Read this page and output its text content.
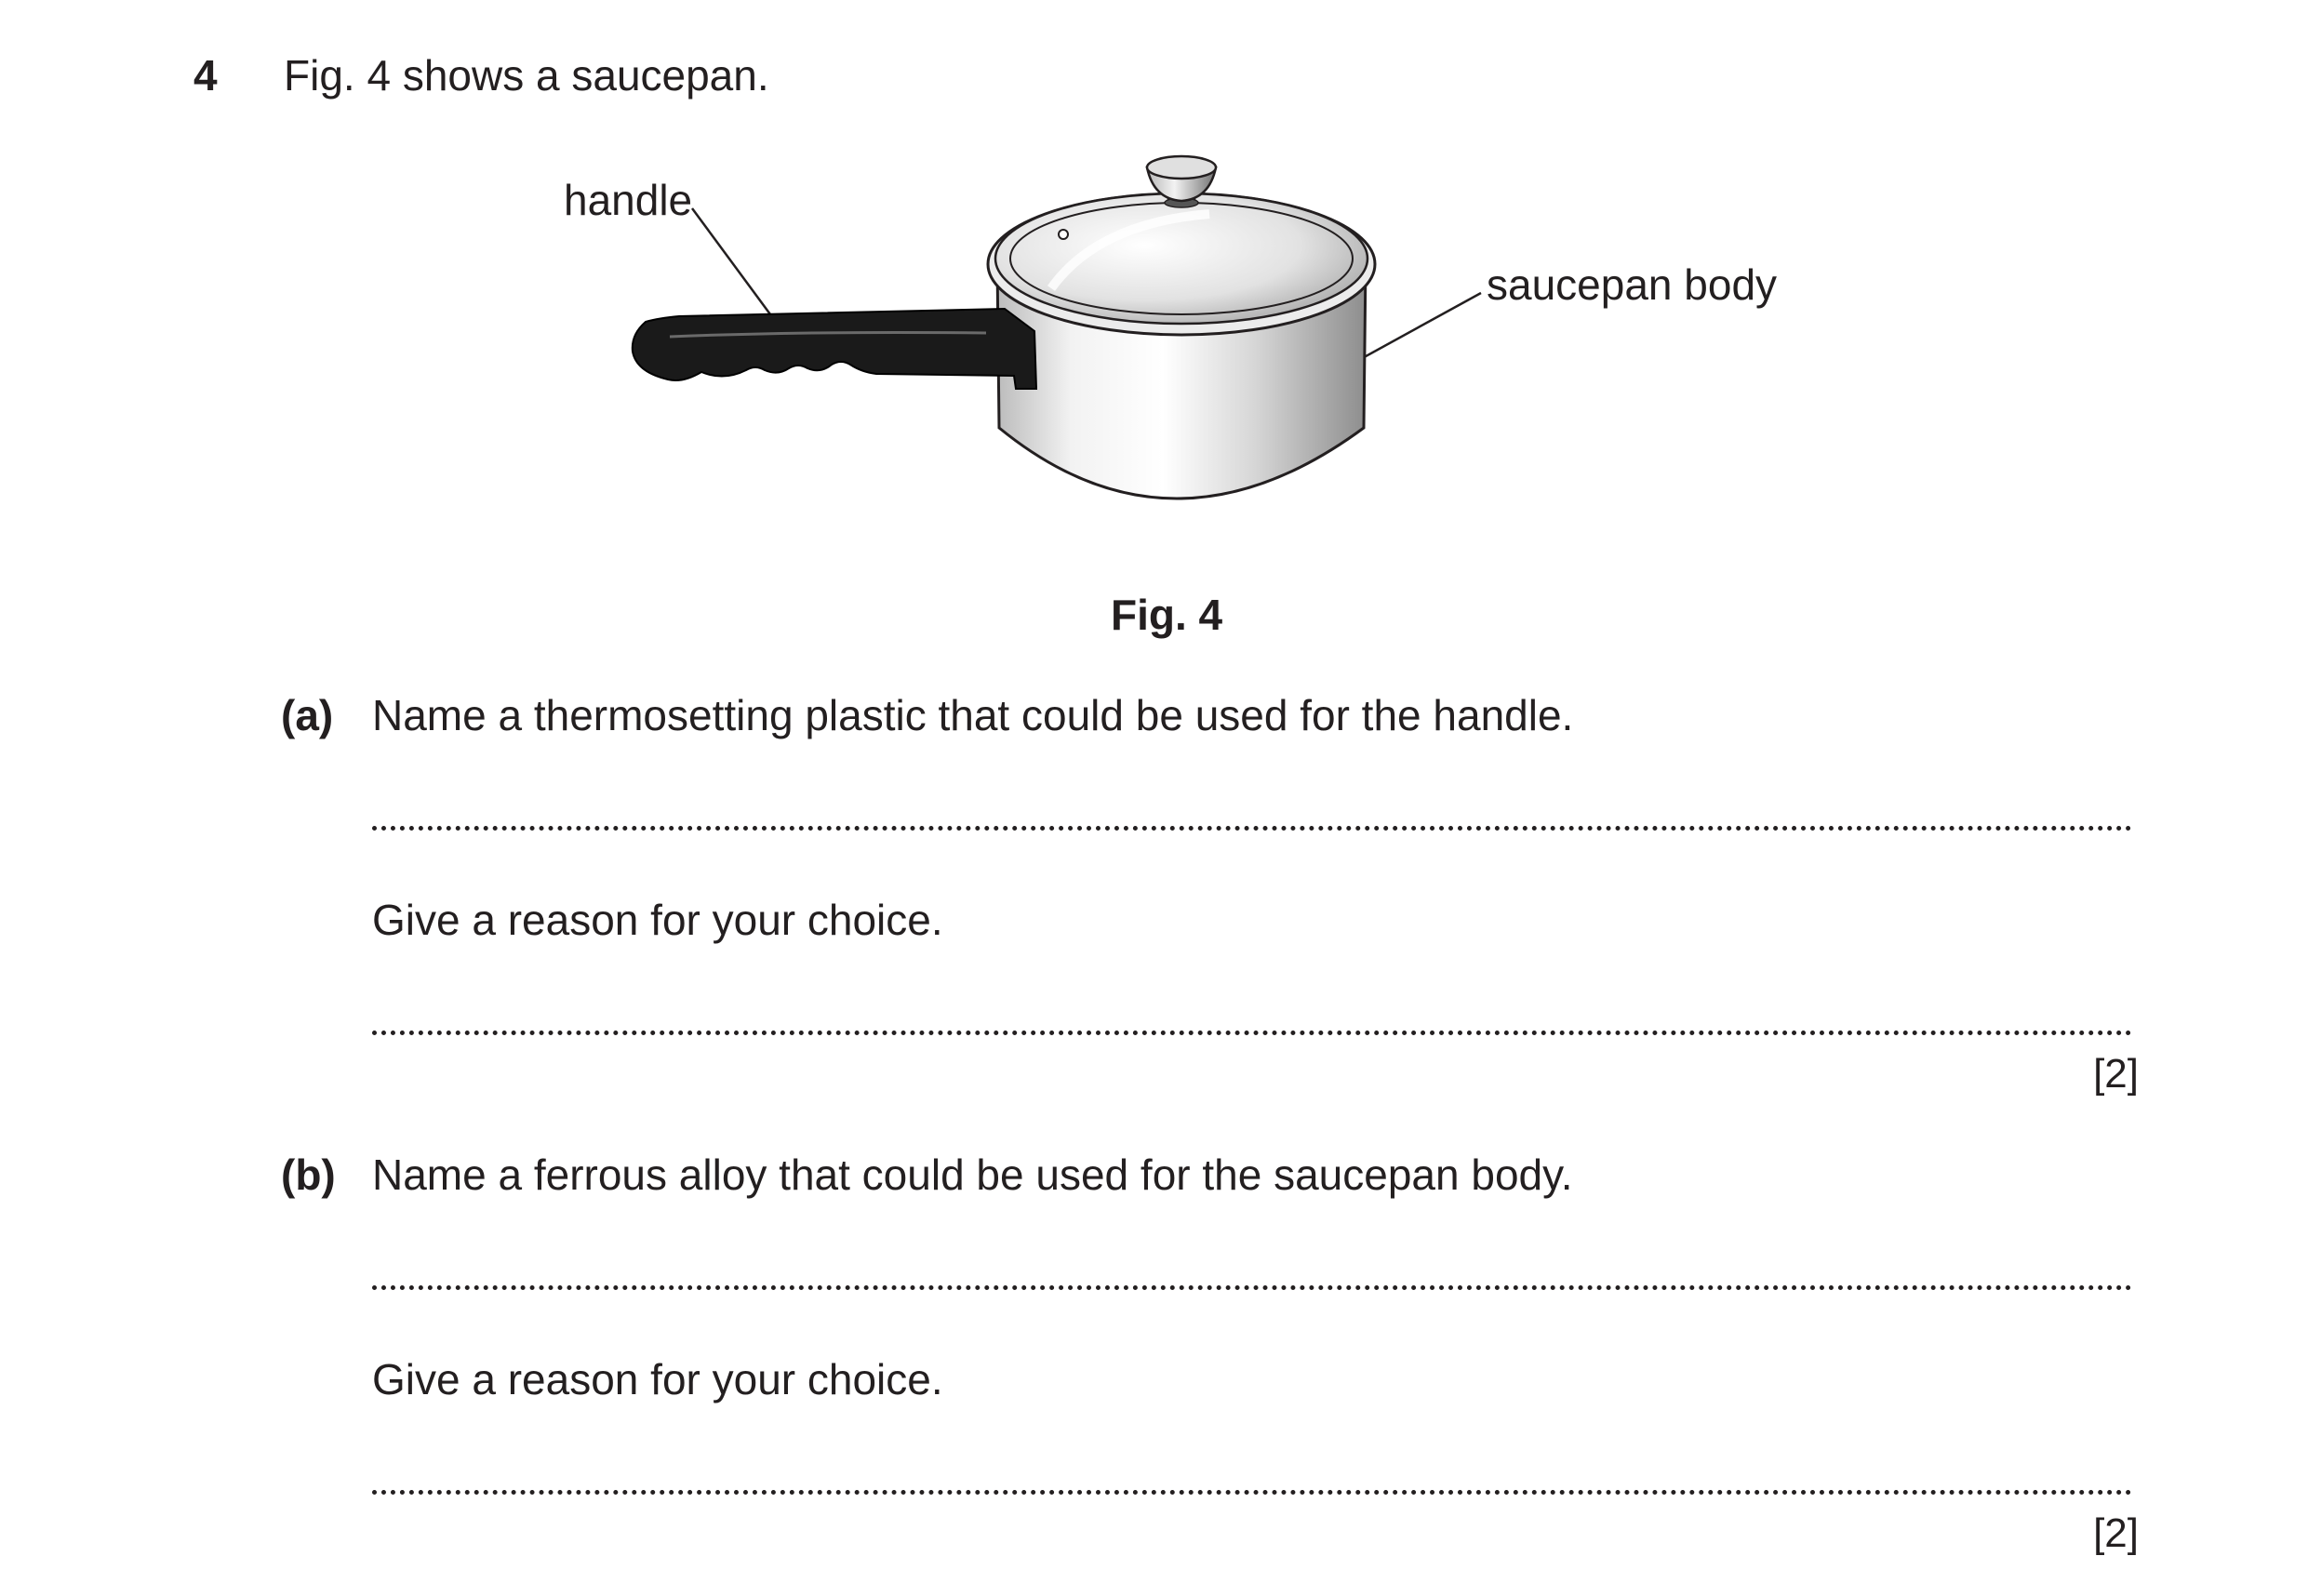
4 Fig. 4 shows a saucepan.
handle
saucepan body
Fig. 4
(a) Name a thermosetting plastic that could be used for the handle.
Give a reason for your choice.
[2]
(b) Name a ferrous alloy that could be used for the saucepan body.
Give a reason for your choice.
[2]
